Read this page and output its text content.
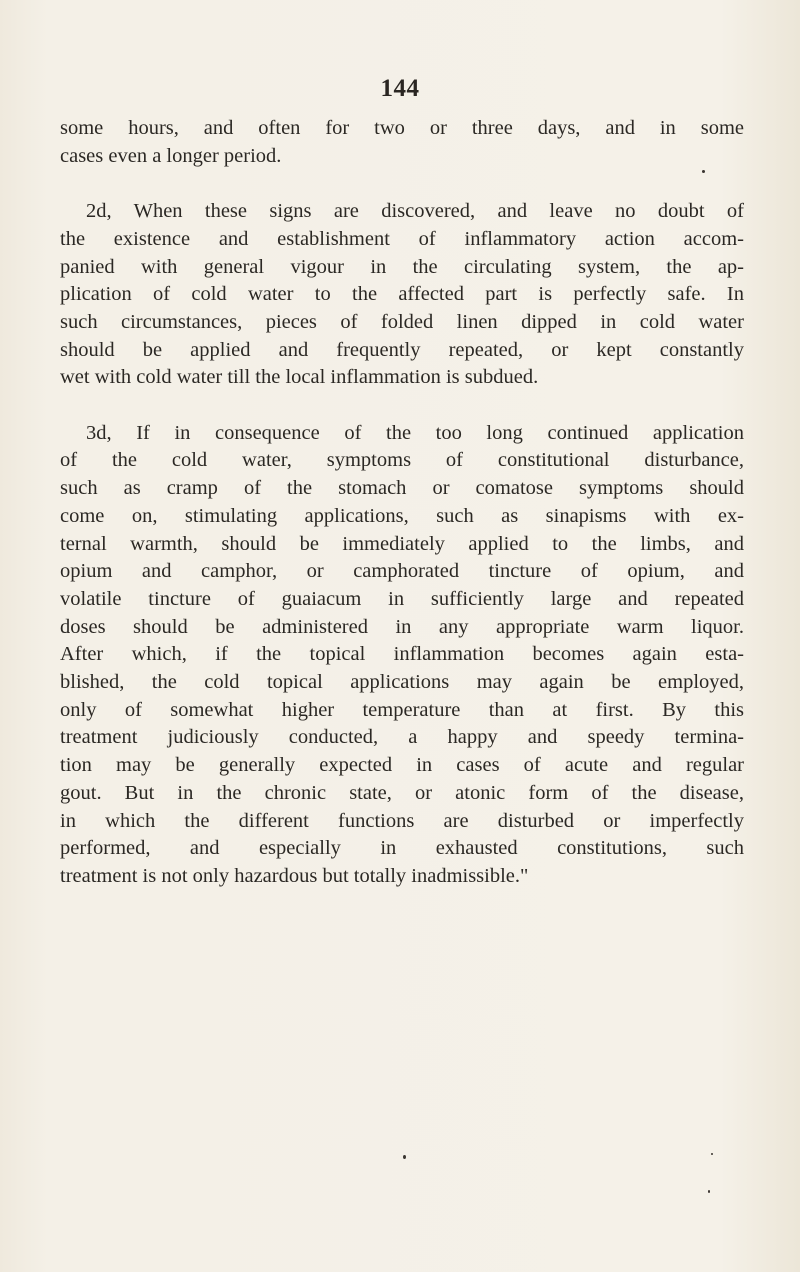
144
some hours, and often for two or three days, and in some
cases even a longer period.
2d, When these signs are discovered, and leave no doubt of
the existence and establishment of inflammatory action accom-
panied with general vigour in the circulating system, the ap-
plication of cold water to the affected part is perfectly safe. In
such circumstances, pieces of folded linen dipped in cold water
should be applied and frequently repeated, or kept constantly
wet with cold water till the local inflammation is subdued.
3d, If in consequence of the too long continued application
of the cold water, symptoms of constitutional disturbance,
such as cramp of the stomach or comatose symptoms should
come on, stimulating applications, such as sinapisms with ex-
ternal warmth, should be immediately applied to the limbs, and
opium and camphor, or camphorated tincture of opium, and
volatile tincture of guaiacum in sufficiently large and repeated
doses should be administered in any appropriate warm liquor.
After which, if the topical inflammation becomes again esta-
blished, the cold topical applications may again be employed,
only of somewhat higher temperature than at first. By this
treatment judiciously conducted, a happy and speedy termina-
tion may be generally expected in cases of acute and regular
gout. But in the chronic state, or atonic form of the disease,
in which the different functions are disturbed or imperfectly
performed, and especially in exhausted constitutions, such
treatment is not only hazardous but totally inadmissible."
